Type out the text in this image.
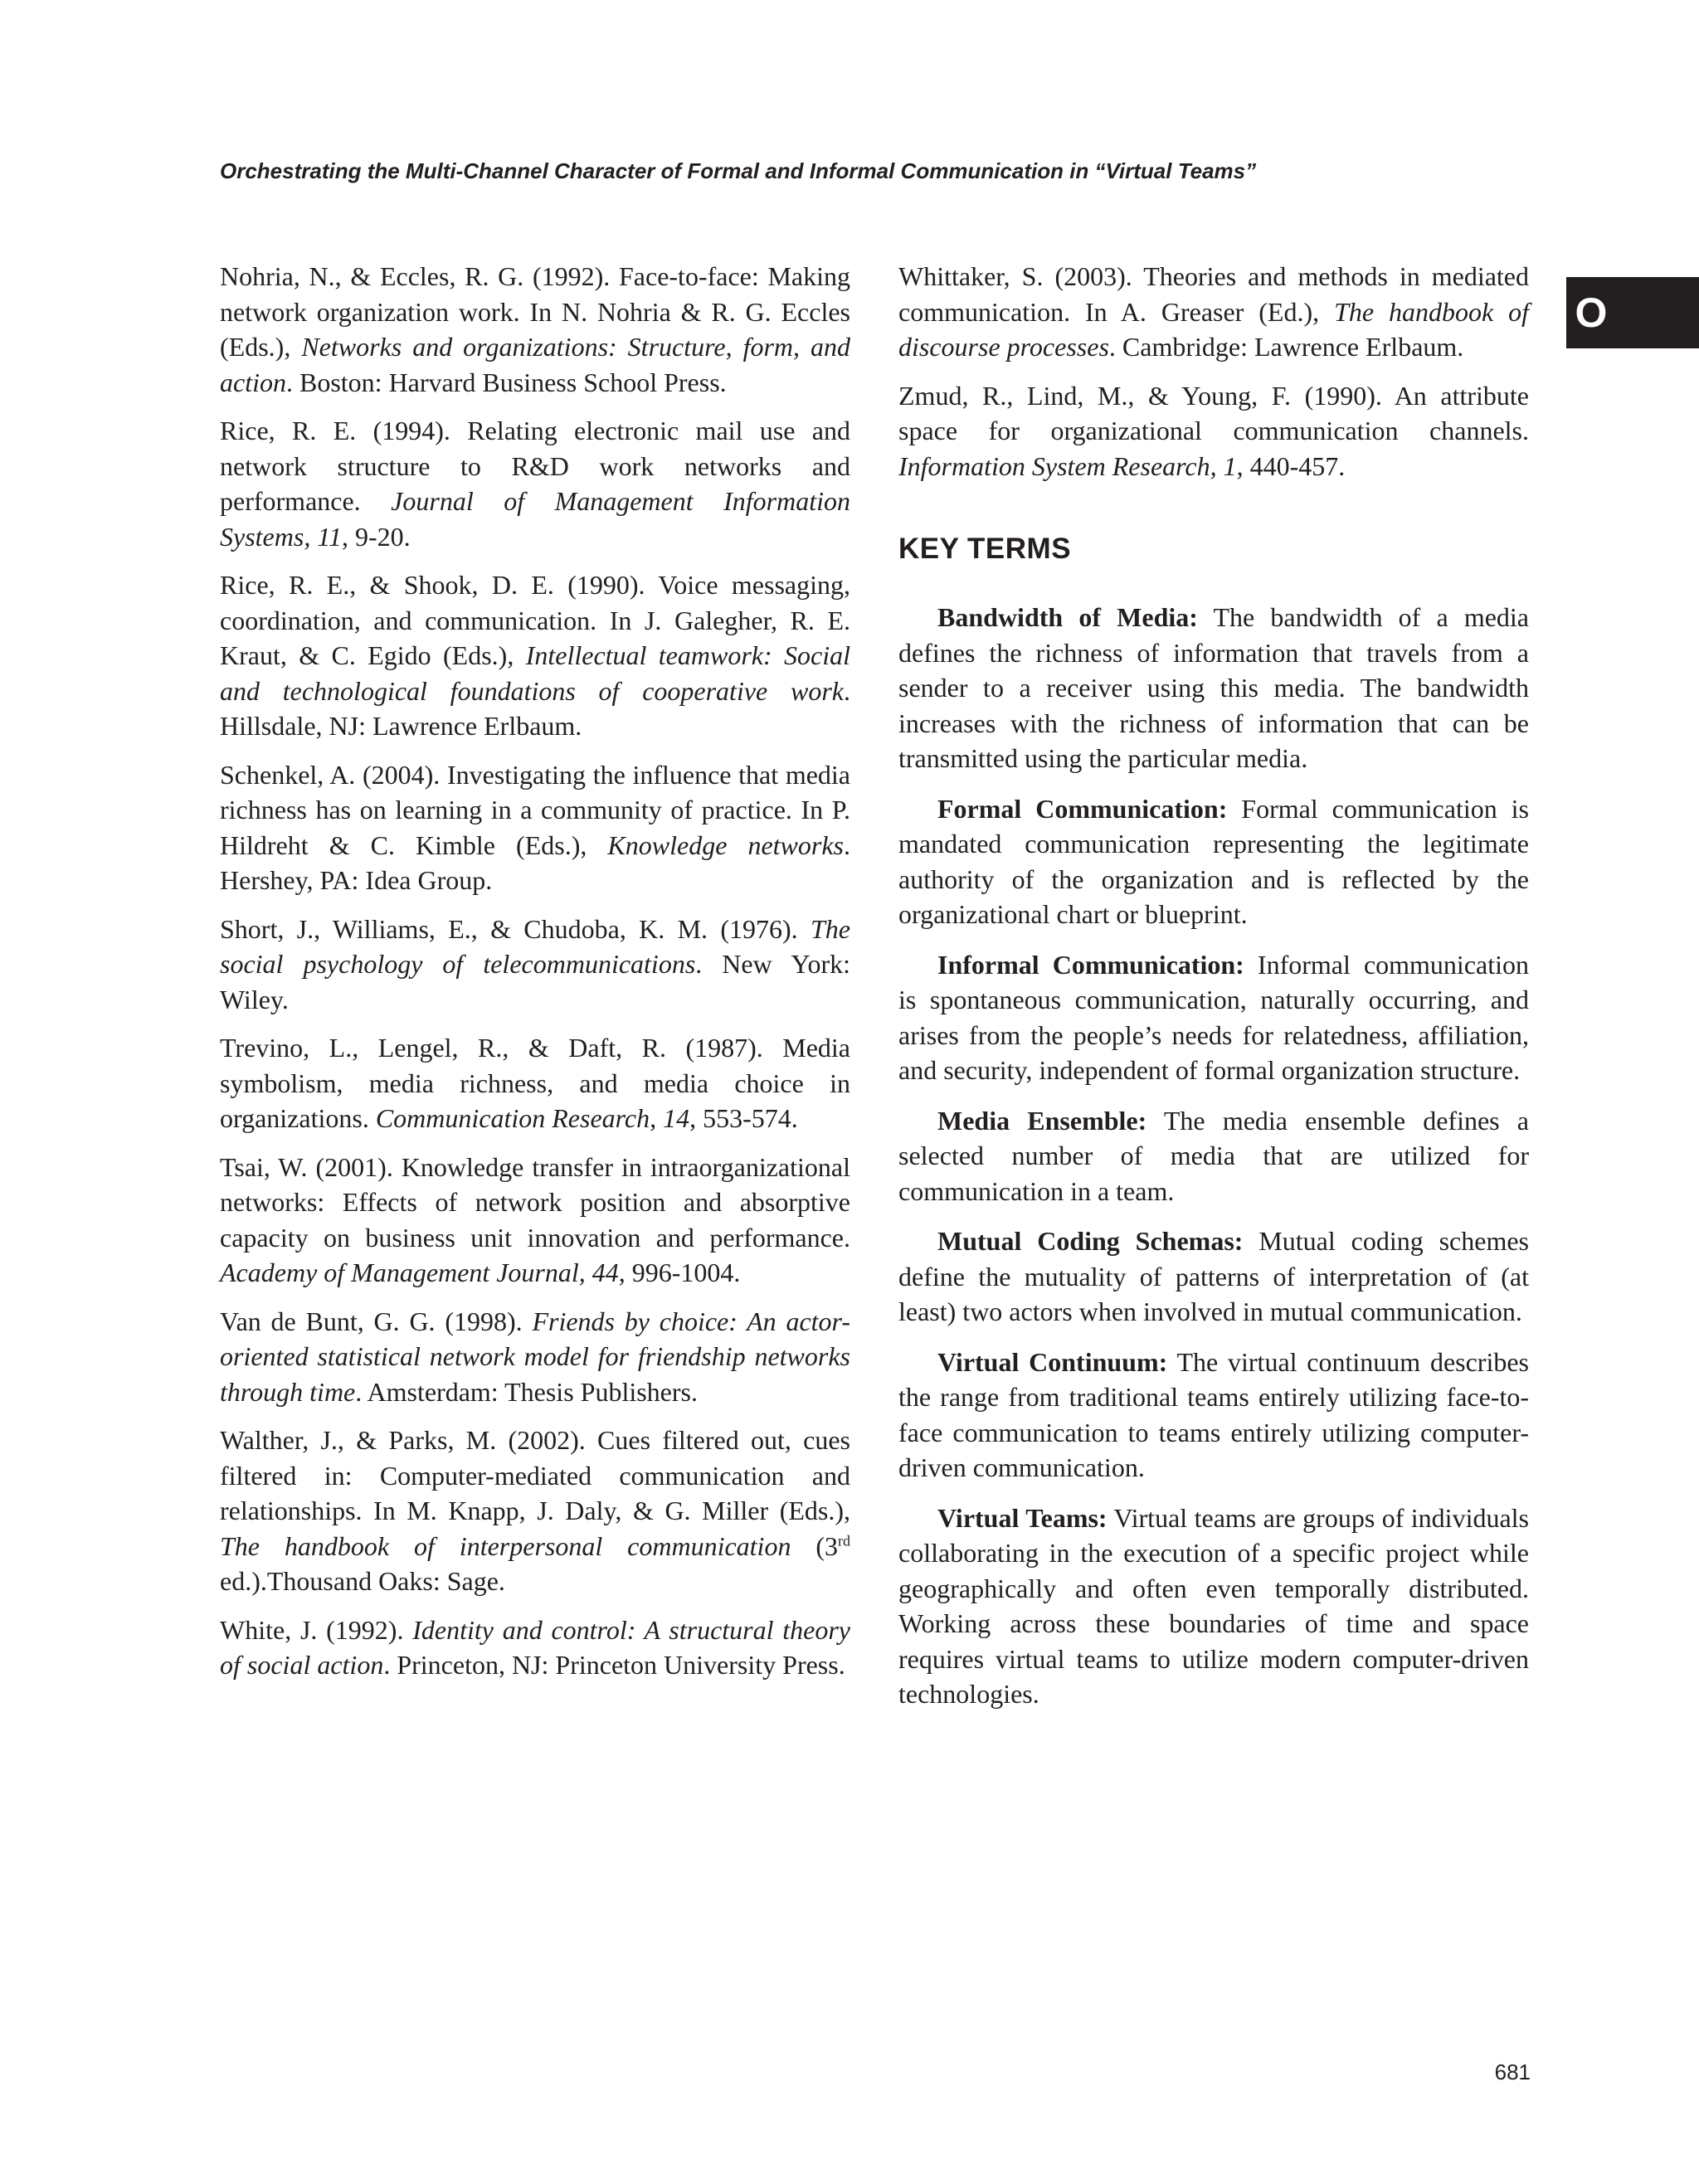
Orchestrating the Multi-Channel Character of Formal and Informal Communication in “Virtual Teams”
O

Nohria, N., & Eccles, R. G. (1992). Face-to-face: Making network organization work. In N. Nohria & R. G. Eccles (Eds.), Networks and organizations: Structure, form, and action. Boston: Harvard Business School Press.

Rice, R. E. (1994). Relating electronic mail use and network structure to R&D work networks and performance. Journal of Management Information Systems, 11, 9-20.

Rice, R. E., & Shook, D. E. (1990). Voice messaging, coordination, and communication. In J. Galegher, R. E. Kraut, & C. Egido (Eds.), Intellectual teamwork: Social and technological foundations of cooperative work. Hillsdale, NJ: Lawrence Erlbaum.

Schenkel, A. (2004). Investigating the influence that media richness has on learning in a community of practice. In P. Hildreht & C. Kimble (Eds.), Knowledge networks. Hershey, PA: Idea Group.

Short, J., Williams, E., & Chudoba, K. M. (1976). The social psychology of telecommunications. New York: Wiley.

Trevino, L., Lengel, R., & Daft, R. (1987). Media symbolism, media richness, and media choice in organizations. Communication Research, 14, 553-574.

Tsai, W. (2001). Knowledge transfer in intraorganizational networks: Effects of network position and absorptive capacity on business unit innovation and performance. Academy of Management Journal, 44, 996-1004.

Van de Bunt, G. G. (1998). Friends by choice: An actor-oriented statistical network model for friendship networks through time. Amsterdam: Thesis Publishers.

Walther, J., & Parks, M. (2002). Cues filtered out, cues filtered in: Computer-mediated communication and relationships. In M. Knapp, J. Daly, & G. Miller (Eds.), The handbook of interpersonal communication (3rd ed.).Thousand Oaks: Sage.

White, J. (1992). Identity and control: A structural theory of social action. Princeton, NJ: Princeton University Press.

Whittaker, S. (2003). Theories and methods in mediated communication. In A. Greaser (Ed.), The handbook of discourse processes. Cambridge: Lawrence Erlbaum.

Zmud, R., Lind, M., & Young, F. (1990). An attribute space for organizational communication channels. Information System Research, 1, 440-457.

KEY TERMS

Bandwidth of Media: The bandwidth of a media defines the richness of information that travels from a sender to a receiver using this media. The bandwidth increases with the richness of information that can be transmitted using the particular media.

Formal Communication: Formal communication is mandated communication representing the legitimate authority of the organization and is reflected by the organizational chart or blueprint.

Informal Communication: Informal communication is spontaneous communication, naturally occurring, and arises from the people’s needs for relatedness, affiliation, and security, independent of formal organization structure.

Media Ensemble: The media ensemble defines a selected number of media that are utilized for communication in a team.

Mutual Coding Schemas: Mutual coding schemes define the mutuality of patterns of interpretation of (at least) two actors when involved in mutual communication.

Virtual Continuum: The virtual continuum describes the range from traditional teams entirely utilizing face-to-face communication to teams entirely utilizing computer-driven communication.

Virtual Teams: Virtual teams are groups of individuals collaborating in the execution of a specific project while geographically and often even temporally distributed. Working across these boundaries of time and space requires virtual teams to utilize modern computer-driven technologies.

681
